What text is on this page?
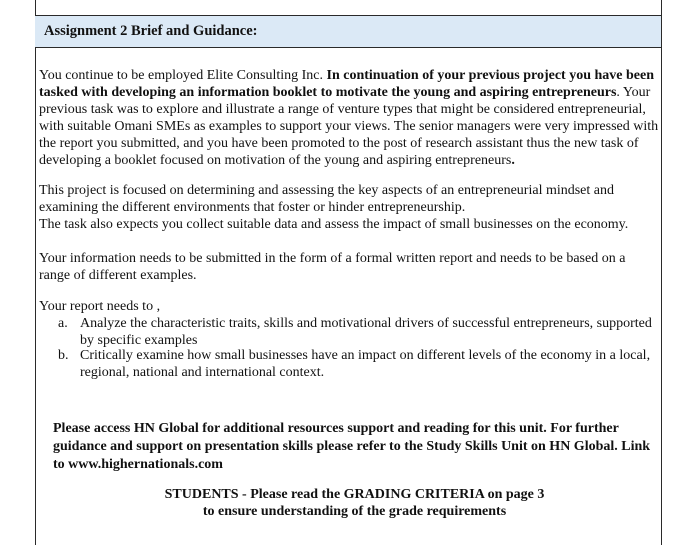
Assignment 2 Brief and Guidance:

You continue to be employed Elite Consulting Inc. In continuation of your previous project you have been tasked with developing an information booklet to motivate the young and aspiring entrepreneurs. Your previous task was to explore and illustrate a range of venture types that might be considered entrepreneurial, with suitable Omani SMEs as examples to support your views. The senior managers were very impressed with the report you submitted, and you have been promoted to the post of research assistant thus the new task of developing a booklet focused on motivation of the young and aspiring entrepreneurs.

This project is focused on determining and assessing the key aspects of an entrepreneurial mindset and examining the different environments that foster or hinder entrepreneurship.
The task also expects you collect suitable data and assess the impact of small businesses on the economy.

Your information needs to be submitted in the form of a formal written report and needs to be based on a range of different examples.

Your report needs to ,

a. Analyze the characteristic traits, skills and motivational drivers of successful entrepreneurs, supported by specific examples
b. Critically examine how small businesses have an impact on different levels of the economy in a local, regional, national and international context.
Please access HN Global for additional resources support and reading for this unit. For further guidance and support on presentation skills please refer to the Study Skills Unit on HN Global. Link to www.highernationals.com
STUDENTS - Please read the GRADING CRITERIA on page 3
to ensure understanding of the grade requirements
